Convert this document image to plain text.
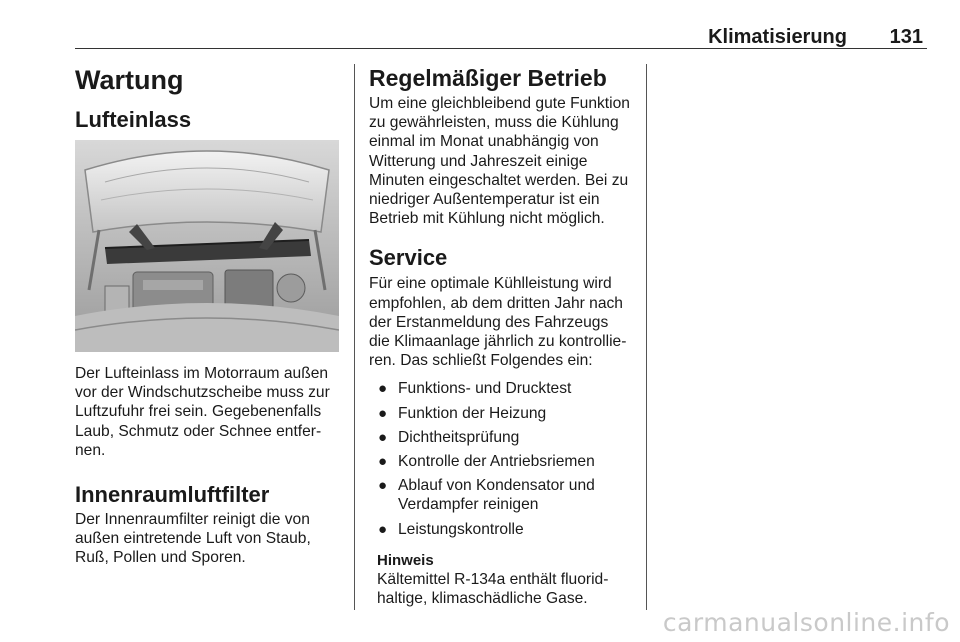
Klimatisierung 131
Wartung
Lufteinlass

Der Lufteinlass im Motorraum außen vor der Windschutzscheibe muss zur Luftzufuhr frei sein. Gegebenenfalls Laub, Schmutz oder Schnee entfer-nen.

Innenraumluftfilter

Der Innenraumfilter reinigt die von außen eintretende Luft von Staub, Ruß, Pollen und Sporen.

Regelmäßiger Betrieb

Um eine gleichbleibend gute Funktion zu gewährleisten, muss die Kühlung einmal im Monat unabhängig von Witterung und Jahreszeit einige Minuten eingeschaltet werden. Bei zu niedriger Außentemperatur ist ein Betrieb mit Kühlung nicht möglich.

Service

Für eine optimale Kühlleistung wird empfohlen, ab dem dritten Jahr nach der Erstanmeldung des Fahrzeugs die Klimaanlage jährlich zu kontrollie-ren. Das schließt Folgendes ein:

● Funktions- und Drucktest
● Funktion der Heizung
● Dichtheitsprüfung
● Kontrolle der Antriebsriemen
● Ablauf von Kondensator und Verdampfer reinigen
● Leistungskontrolle
Hinweis

Kältemittel R-134a enthält fluorid-haltige, klimaschädliche Gase.

carmanualsonline.info
